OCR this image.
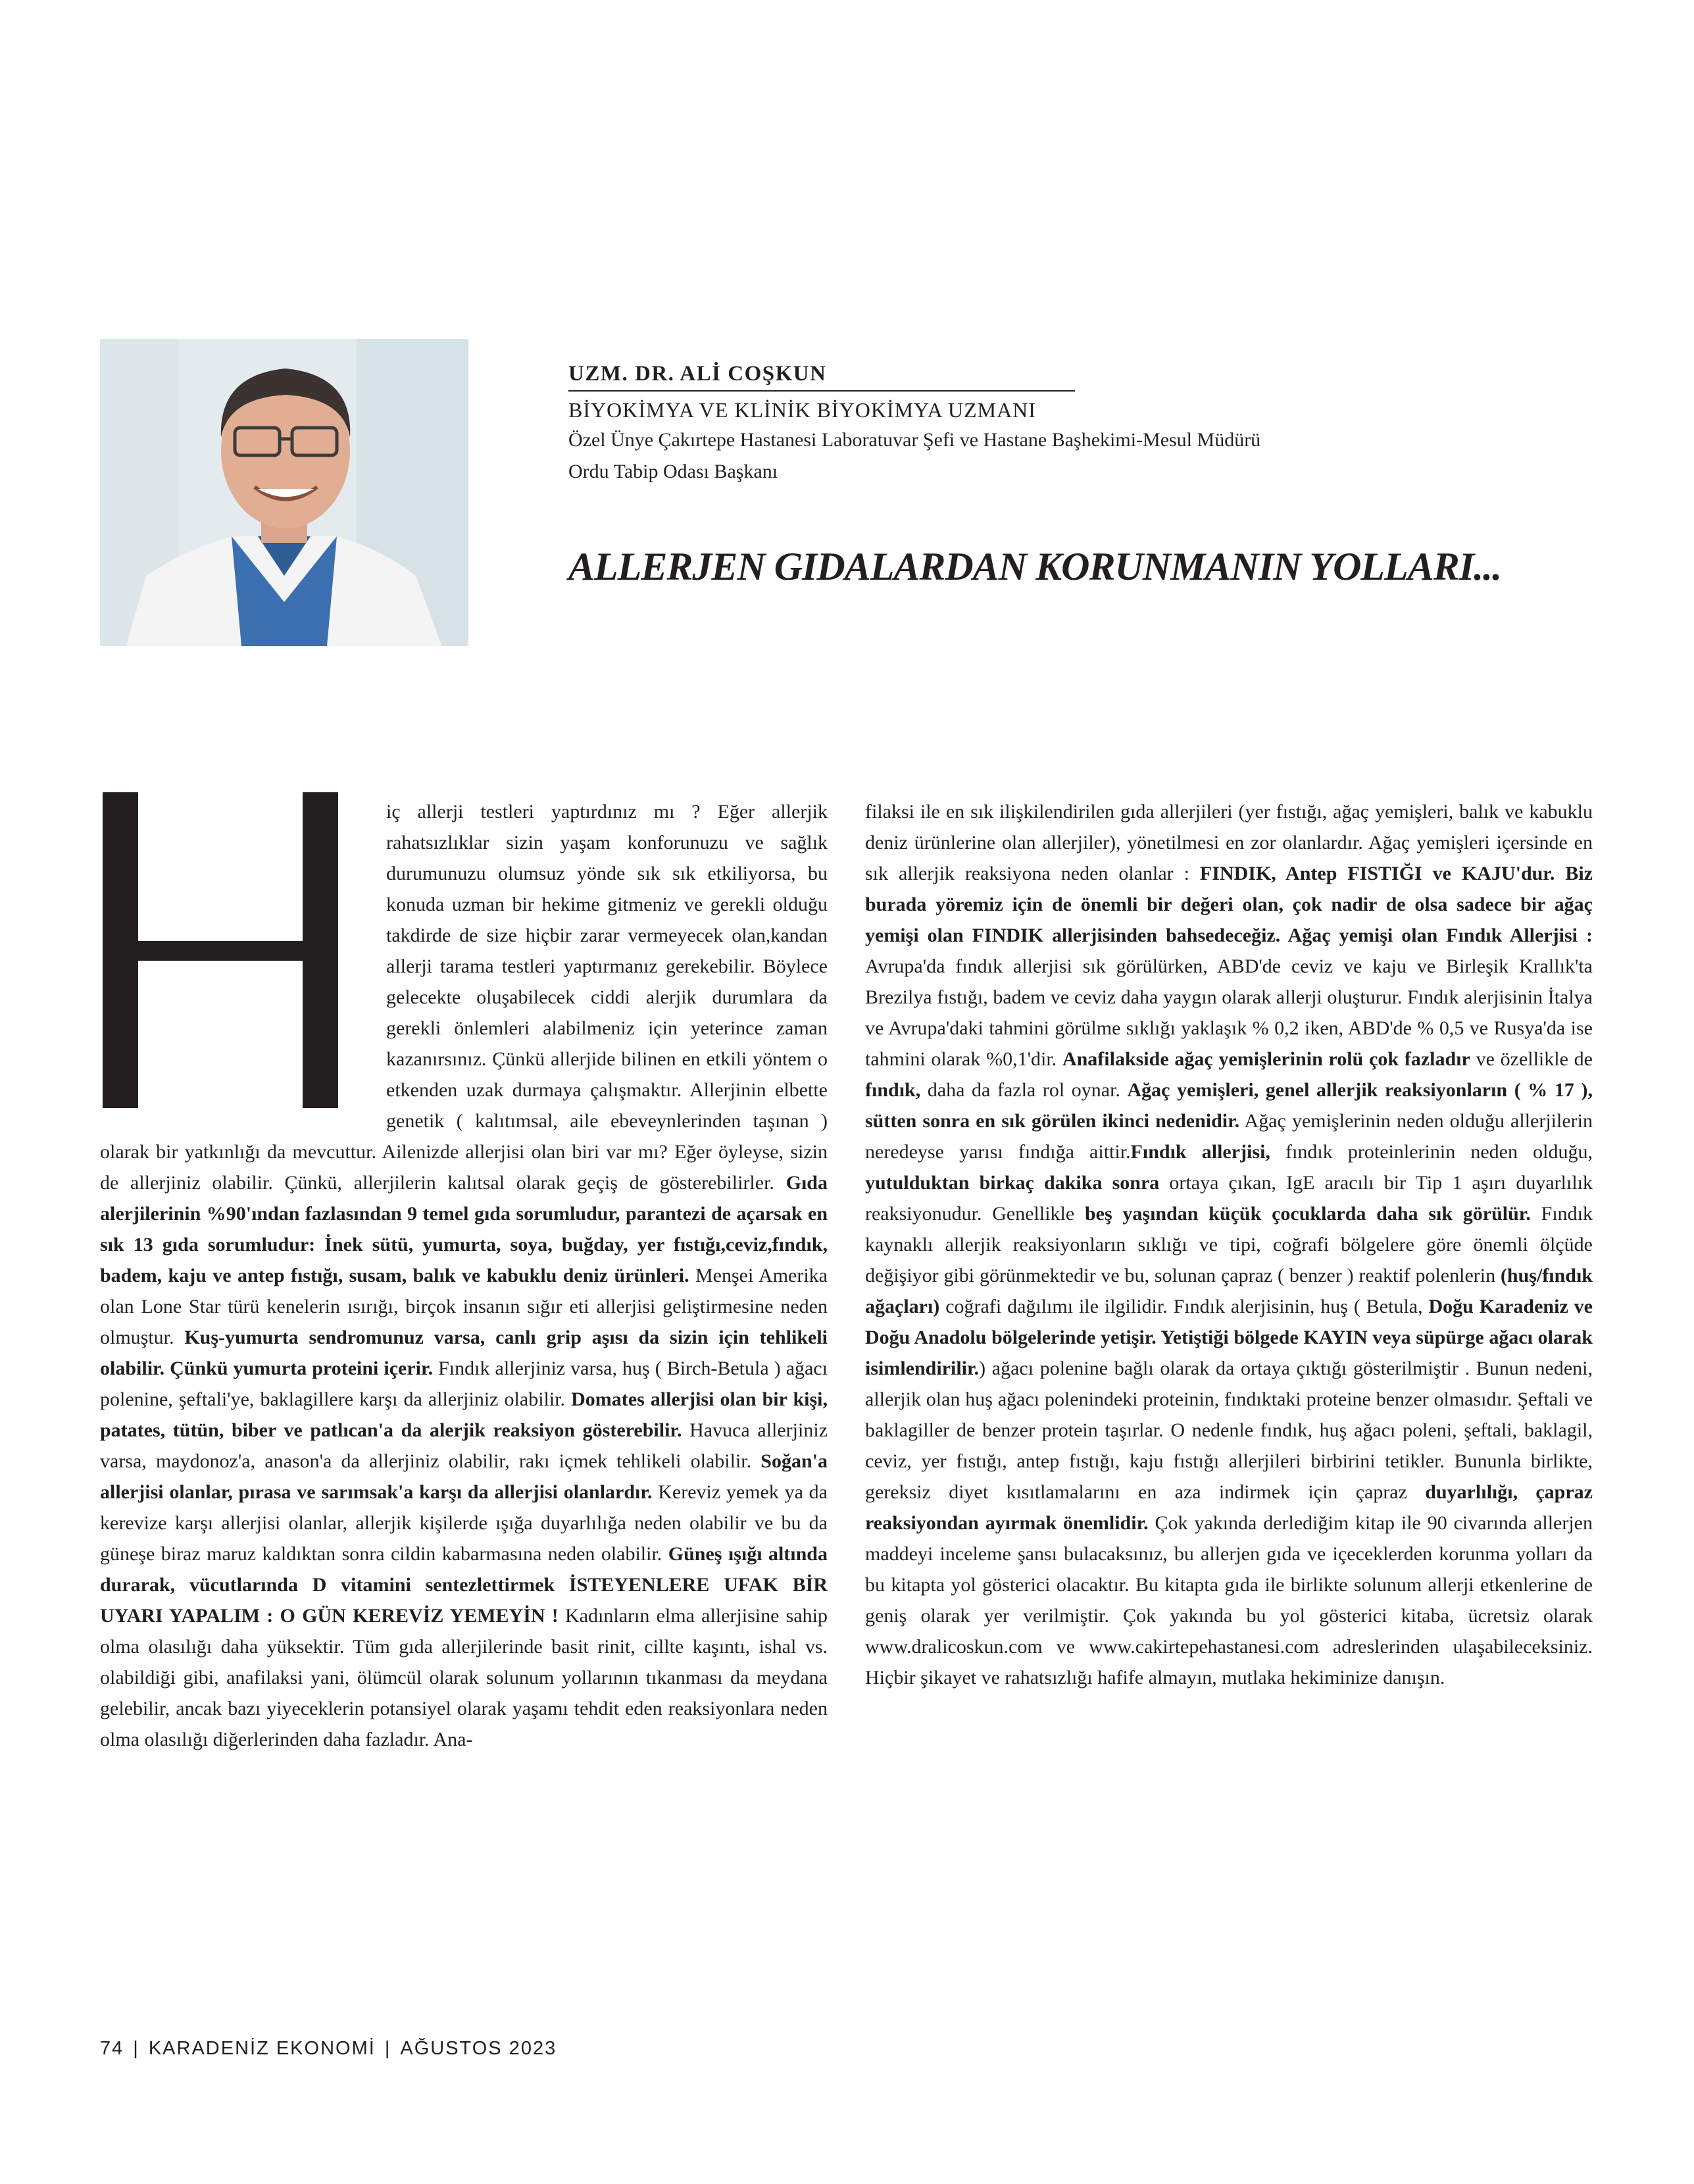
UZM. DR. ALİ COŞKUN

BİYOKİMYA VE KLİNİK BİYOKİMYA UZMANI

Özel Ünye Çakırtepe Hastanesi Laboratuvar Şefi ve Hastane Başhekimi-Mesul Müdürü

Ordu Tabip Odası Başkanı

ALLERJEN GIDALARDAN KORUNMANIN YOLLARI...

iç allerji testleri yaptırdınız mı ? Eğer allerjik rahatsızlıklar sizin yaşam konforunuzu ve sağlık durumunuzu olumsuz yönde sık sık etkiliyorsa, bu konuda uzman bir hekime gitmeniz ve gerekli olduğu takdirde de size hiçbir zarar vermeyecek olan,kandan allerji tarama testleri yaptırmanız gerekebilir. Böylece gelecekte oluşabilecek ciddi alerjik durumlara da gerekli önlemleri alabilmeniz için yeterince zaman kazanırsınız. Çünkü allerjide bilinen en etkili yöntem o etkenden uzak durmaya çalışmaktır. Allerjinin elbette genetik ( kalıtımsal, aile ebeveynlerinden taşınan ) olarak bir yatkınlığı da mevcuttur. Ailenizde allerjisi olan biri var mı? Eğer öyleyse, sizin de allerjiniz olabilir. Çünkü, allerjilerin kalıtsal olarak geçiş de gösterebilirler. Gıda alerjilerinin %90'ından fazlasından 9 temel gıda sorumludur, parantezi de açarsak en sık 13 gıda sorumludur: İnek sütü, yumurta, soya, buğday, yer fıstığı,ceviz,fındık, badem, kaju ve antep fıstığı, susam, balık ve kabuklu deniz ürünleri. Menşei Amerika olan Lone Star türü kenelerin ısırığı, birçok insanın sığır eti allerjisi geliştirmesine neden olmuştur. Kuş-yumurta sendromunuz varsa, canlı grip aşısı da sizin için tehlikeli olabilir. Çünkü yumurta proteini içerir. Fındık allerjiniz varsa, huş ( Birch-Betula ) ağacı polenine, şeftali'ye, baklagillere karşı da allerjiniz olabilir. Domates allerjisi olan bir kişi, patates, tütün, biber ve patlıcan'a da alerjik reaksiyon gösterebilir. Havuca allerjiniz varsa, maydonoz'a, anason'a da allerjiniz olabilir, rakı içmek tehlikeli olabilir. Soğan'a allerjisi olanlar, pırasa ve sarımsak'a karşı da allerjisi olanlardır. Kereviz yemek ya da kerevize karşı allerjisi olanlar, allerjik kişilerde ışığa duyarlılığa neden olabilir ve bu da güneşe biraz maruz kaldıktan sonra cildin kabarmasına neden olabilir. Güneş ışığı altında durarak, vücutlarında D vitamini sentezlettirmek İSTEYENLERE UFAK BİR UYARI YAPALIM : O GÜN KEREVİZ YEMEYİN ! Kadınların elma allerjisine sahip olma olasılığı daha yüksektir. Tüm gıda allerjilerinde basit rinit, cillte kaşıntı, ishal vs. olabildiği gibi, anafilaksi yani, ölümcül olarak solunum yollarının tıkanması da meydana gelebilir, ancak bazı yiyeceklerin potansiyel olarak yaşamı tehdit eden reaksiyonlara neden olma olasılığı diğerlerinden daha fazladır. Ana-

filaksi ile en sık ilişkilendirilen gıda allerjileri (yer fıstığı, ağaç yemişleri, balık ve kabuklu deniz ürünlerine olan allerjiler), yönetilmesi en zor olanlardır. Ağaç yemişleri içersinde en sık allerjik reaksiyona neden olanlar : FINDIK, Antep FISTIĞI ve KAJU'dur. Biz burada yöremiz için de önemli bir değeri olan, çok nadir de olsa sadece bir ağaç yemişi olan FINDIK allerjisinden bahsedeceğiz. Ağaç yemişi olan Fındık Allerjisi : Avrupa'da fındık allerjisi sık görülürken, ABD'de ceviz ve kaju ve Birleşik Krallık'ta Brezilya fıstığı, badem ve ceviz daha yaygın olarak allerji oluşturur. Fındık alerjisinin İtalya ve Avrupa'daki tahmini görülme sıklığı yaklaşık % 0,2 iken, ABD'de % 0,5 ve Rusya'da ise tahmini olarak %0,1'dir. Anafilakside ağaç yemişlerinin rolü çok fazladır ve özellikle de fındık, daha da fazla rol oynar. Ağaç yemişleri, genel allerjik reaksiyonların ( % 17 ), sütten sonra en sık görülen ikinci nedenidir. Ağaç yemişlerinin neden olduğu allerjilerin neredeyse yarısı fındığa aittir.Fındık allerjisi, fındık proteinlerinin neden olduğu, yutulduktan birkaç dakika sonra ortaya çıkan, IgE aracılı bir Tip 1 aşırı duyarlılık reaksiyonudur. Genellikle beş yaşından küçük çocuklarda daha sık görülür. Fındık kaynaklı allerjik reaksiyonların sıklığı ve tipi, coğrafi bölgelere göre önemli ölçüde değişiyor gibi görünmektedir ve bu, solunan çapraz ( benzer ) reaktif polenlerin (huş/fındık ağaçları) coğrafi dağılımı ile ilgilidir. Fındık alerjisinin, huş ( Betula, Doğu Karadeniz ve Doğu Anadolu bölgelerinde yetişir. Yetiştiği bölgede KAYIN veya süpürge ağacı olarak isimlendirilir.) ağacı polenine bağlı olarak da ortaya çıktığı gösterilmiştir . Bunun nedeni, allerjik olan huş ağacı polenindeki proteinin, fındıktaki proteine benzer olmasıdır. Şeftali ve baklagiller de benzer protein taşırlar. O nedenle fındık, huş ağacı poleni, şeftali, baklagil, ceviz, yer fıstığı, antep fıstığı, kaju fıstığı allerjileri birbirini tetikler. Bununla birlikte, gereksiz diyet kısıtlamalarını en aza indirmek için çapraz duyarlılığı, çapraz reaksiyondan ayırmak önemlidir. Çok yakında derlediğim kitap ile 90 civarında allerjen maddeyi inceleme şansı bulacaksınız, bu allerjen gıda ve içeceklerden korunma yolları da bu kitapta yol gösterici olacaktır. Bu kitapta gıda ile birlikte solunum allerji etkenlerine de geniş olarak yer verilmiştir. Çok yakında bu yol gösterici kitaba, ücretsiz olarak www.dralicoskun.com ve www.cakirtepehastanesi.com adreslerinden ulaşabileceksiniz. Hiçbir şikayet ve rahatsızlığı hafife almayın, mutlaka hekiminize danışın.

74 | KARADENİZ EKONOMİ | AĞUSTOS 2023
